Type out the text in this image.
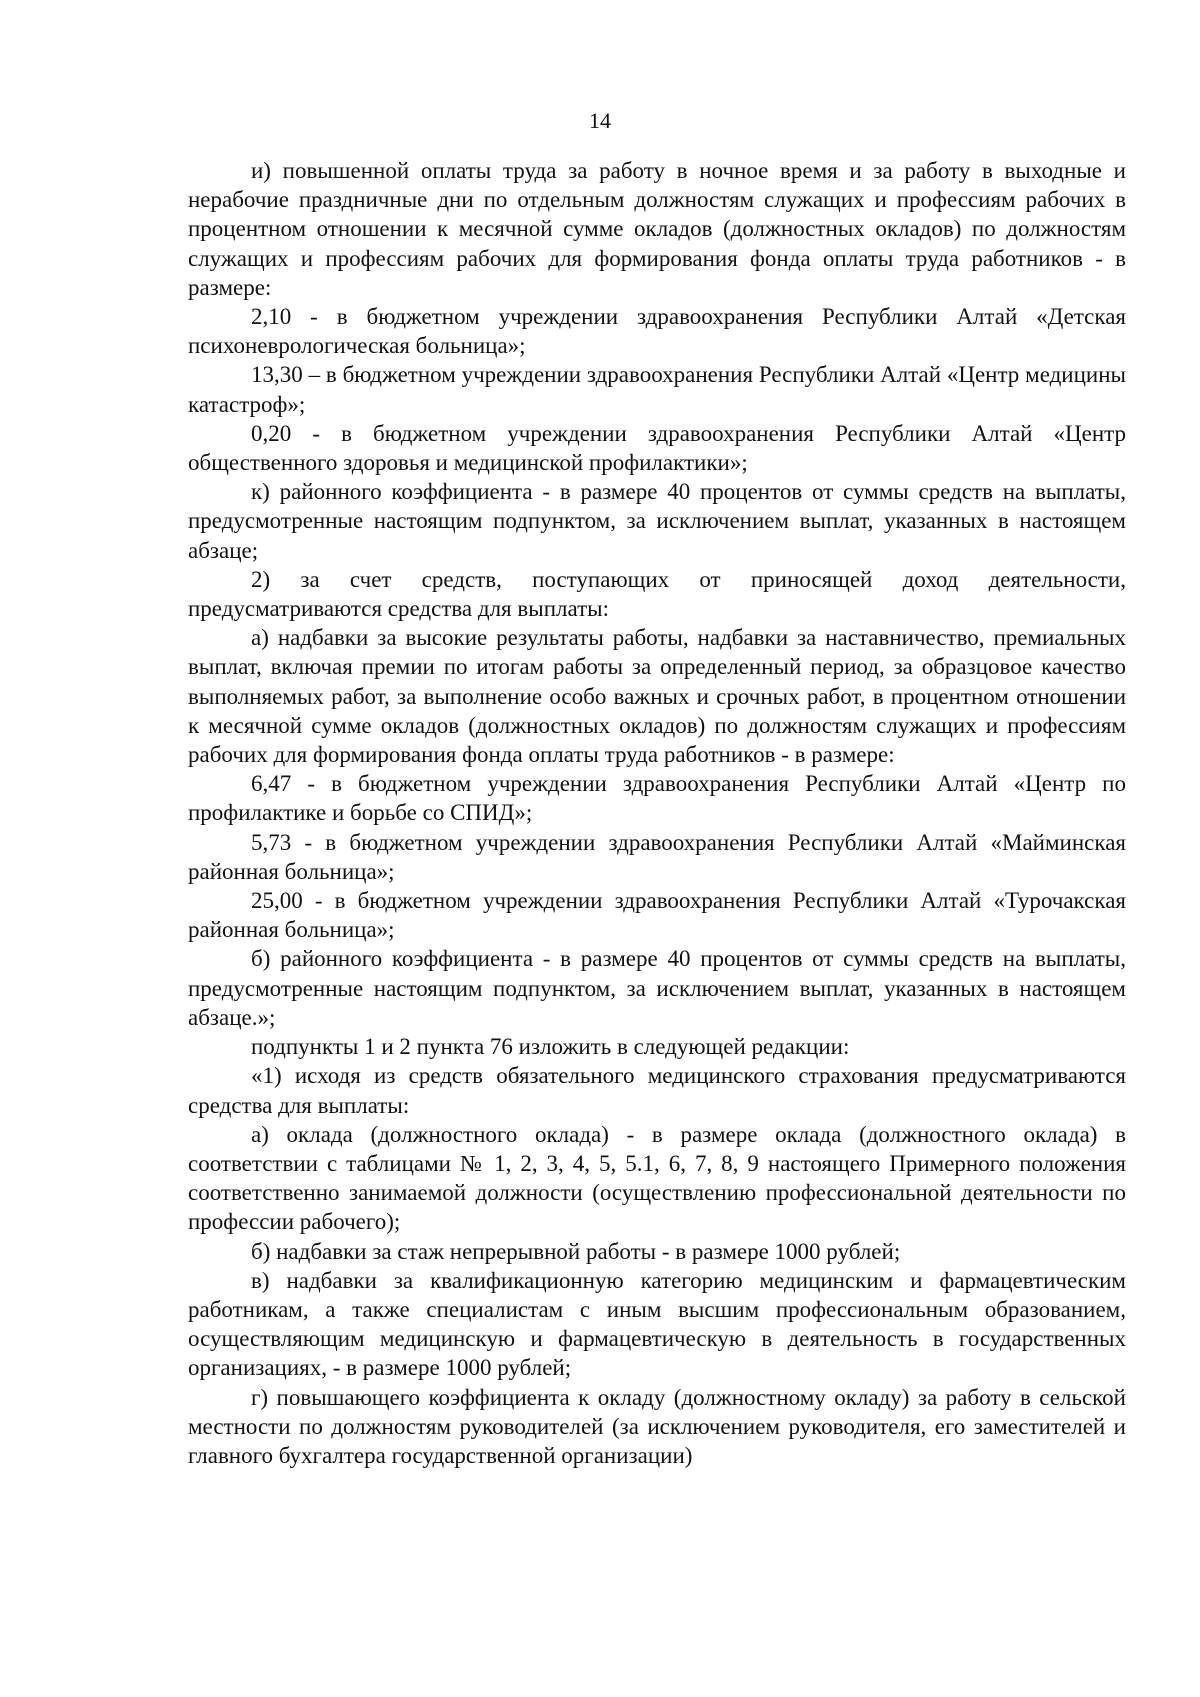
14

и) повышенной оплаты труда за работу в ночное время и за работу в выходные и нерабочие праздничные дни по отдельным должностям служащих и профессиям рабочих в процентном отношении к месячной сумме окладов (должностных окладов) по должностям служащих и профессиям рабочих для формирования фонда оплаты труда работников - в размере:

2,10 - в бюджетном учреждении здравоохранения Республики Алтай «Детская психоневрологическая больница»;

13,30 – в бюджетном учреждении здравоохранения Республики Алтай «Центр медицины катастроф»;

0,20 - в бюджетном учреждении здравоохранения Республики Алтай «Центр общественного здоровья и медицинской профилактики»;

к) районного коэффициента - в размере 40 процентов от суммы средств на выплаты, предусмотренные настоящим подпунктом, за исключением выплат, указанных в настоящем абзаце;

2) за счет средств, поступающих от приносящей доход деятельности, предусматриваются средства для выплаты:

а) надбавки за высокие результаты работы, надбавки за наставничество, премиальных выплат, включая премии по итогам работы за определенный период, за образцовое качество выполняемых работ, за выполнение особо важных и срочных работ, в процентном отношении к месячной сумме окладов (должностных окладов) по должностям служащих и профессиям рабочих для формирования фонда оплаты труда работников - в размере:

6,47 - в бюджетном учреждении здравоохранения Республики Алтай «Центр по профилактике и борьбе со СПИД»;

5,73 - в бюджетном учреждении здравоохранения Республики Алтай «Майминская районная больница»;

25,00 - в бюджетном учреждении здравоохранения Республики Алтай «Турочакская районная больница»;

б) районного коэффициента - в размере 40 процентов от суммы средств на выплаты, предусмотренные настоящим подпунктом, за исключением выплат, указанных в настоящем абзаце.»;

подпункты 1 и 2 пункта 76 изложить в следующей редакции:

«1) исходя из средств обязательного медицинского страхования предусматриваются средства для выплаты:

а) оклада (должностного оклада) - в размере оклада (должностного оклада) в соответствии с таблицами № 1, 2, 3, 4, 5, 5.1, 6, 7, 8, 9 настоящего Примерного положения соответственно занимаемой должности (осуществлению профессиональной деятельности по профессии рабочего);

б) надбавки за стаж непрерывной работы - в размере 1000 рублей;

в) надбавки за квалификационную категорию медицинским и фармацевтическим работникам, а также специалистам с иным высшим профессиональным образованием, осуществляющим медицинскую и фармацевтическую в деятельность в государственных организациях, - в размере 1000 рублей;

г) повышающего коэффициента к окладу (должностному окладу) за работу в сельской местности по должностям руководителей (за исключением руководителя, его заместителей и главного бухгалтера государственной организации)
